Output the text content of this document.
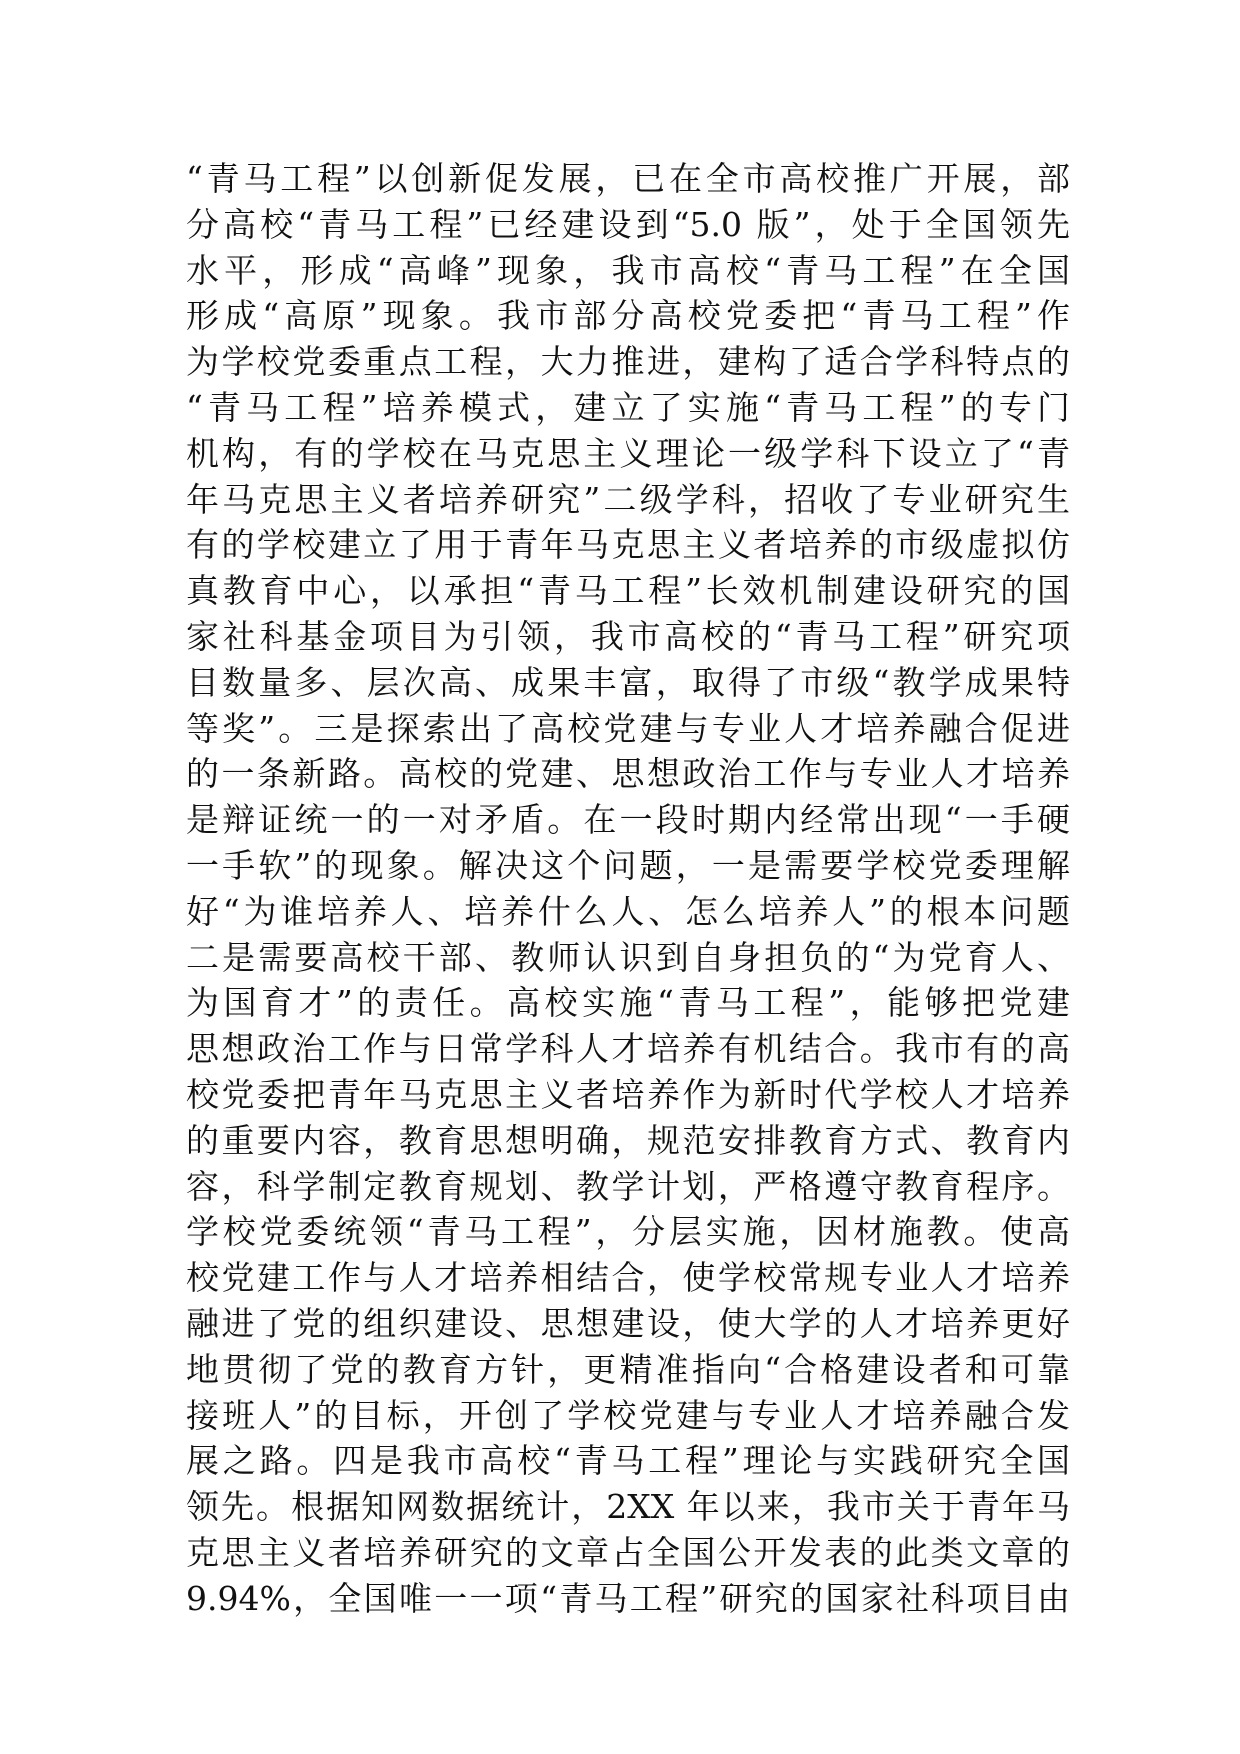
“青马工程”以创新促发展，已在全市高校推广开展，部
分高校“青马工程”已经建设到“5.0 版”，处于全国领先
水平，形成“高峰”现象，我市高校“青马工程”在全国
形成“高原”现象。我市部分高校党委把“青马工程”作
为学校党委重点工程，大力推进，建构了适合学科特点的
“青马工程”培养模式，建立了实施“青马工程”的专门
机构，有的学校在马克思主义理论一级学科下设立了“青
年马克思主义者培养研究”二级学科，招收了专业研究生
有的学校建立了用于青年马克思主义者培养的市级虚拟仿
真教育中心，以承担“青马工程”长效机制建设研究的国
家社科基金项目为引领，我市高校的“青马工程”研究项
目数量多、层次高、成果丰富，取得了市级“教学成果特
等奖”。三是探索出了高校党建与专业人才培养融合促进
的一条新路。高校的党建、思想政治工作与专业人才培养
是辩证统一的一对矛盾。在一段时期内经常出现“一手硬
一手软”的现象。解决这个问题，一是需要学校党委理解
好“为谁培养人、培养什么人、怎么培养人”的根本问题
二是需要高校干部、教师认识到自身担负的“为党育人、
为国育才”的责任。高校实施“青马工程”，能够把党建
思想政治工作与日常学科人才培养有机结合。我市有的高
校党委把青年马克思主义者培养作为新时代学校人才培养
的重要内容，教育思想明确，规范安排教育方式、教育内
容，科学制定教育规划、教学计划，严格遵守教育程序。
学校党委统领“青马工程”，分层实施，因材施教。使高
校党建工作与人才培养相结合，使学校常规专业人才培养
融进了党的组织建设、思想建设，使大学的人才培养更好
地贯彻了党的教育方针，更精准指向“合格建设者和可靠
接班人”的目标，开创了学校党建与专业人才培养融合发
展之路。四是我市高校“青马工程”理论与实践研究全国
领先。根据知网数据统计，2XX 年以来，我市关于青年马
克思主义者培养研究的文章占全国公开发表的此类文章的
9.94%，全国唯一一项“青马工程”研究的国家社科项目由
